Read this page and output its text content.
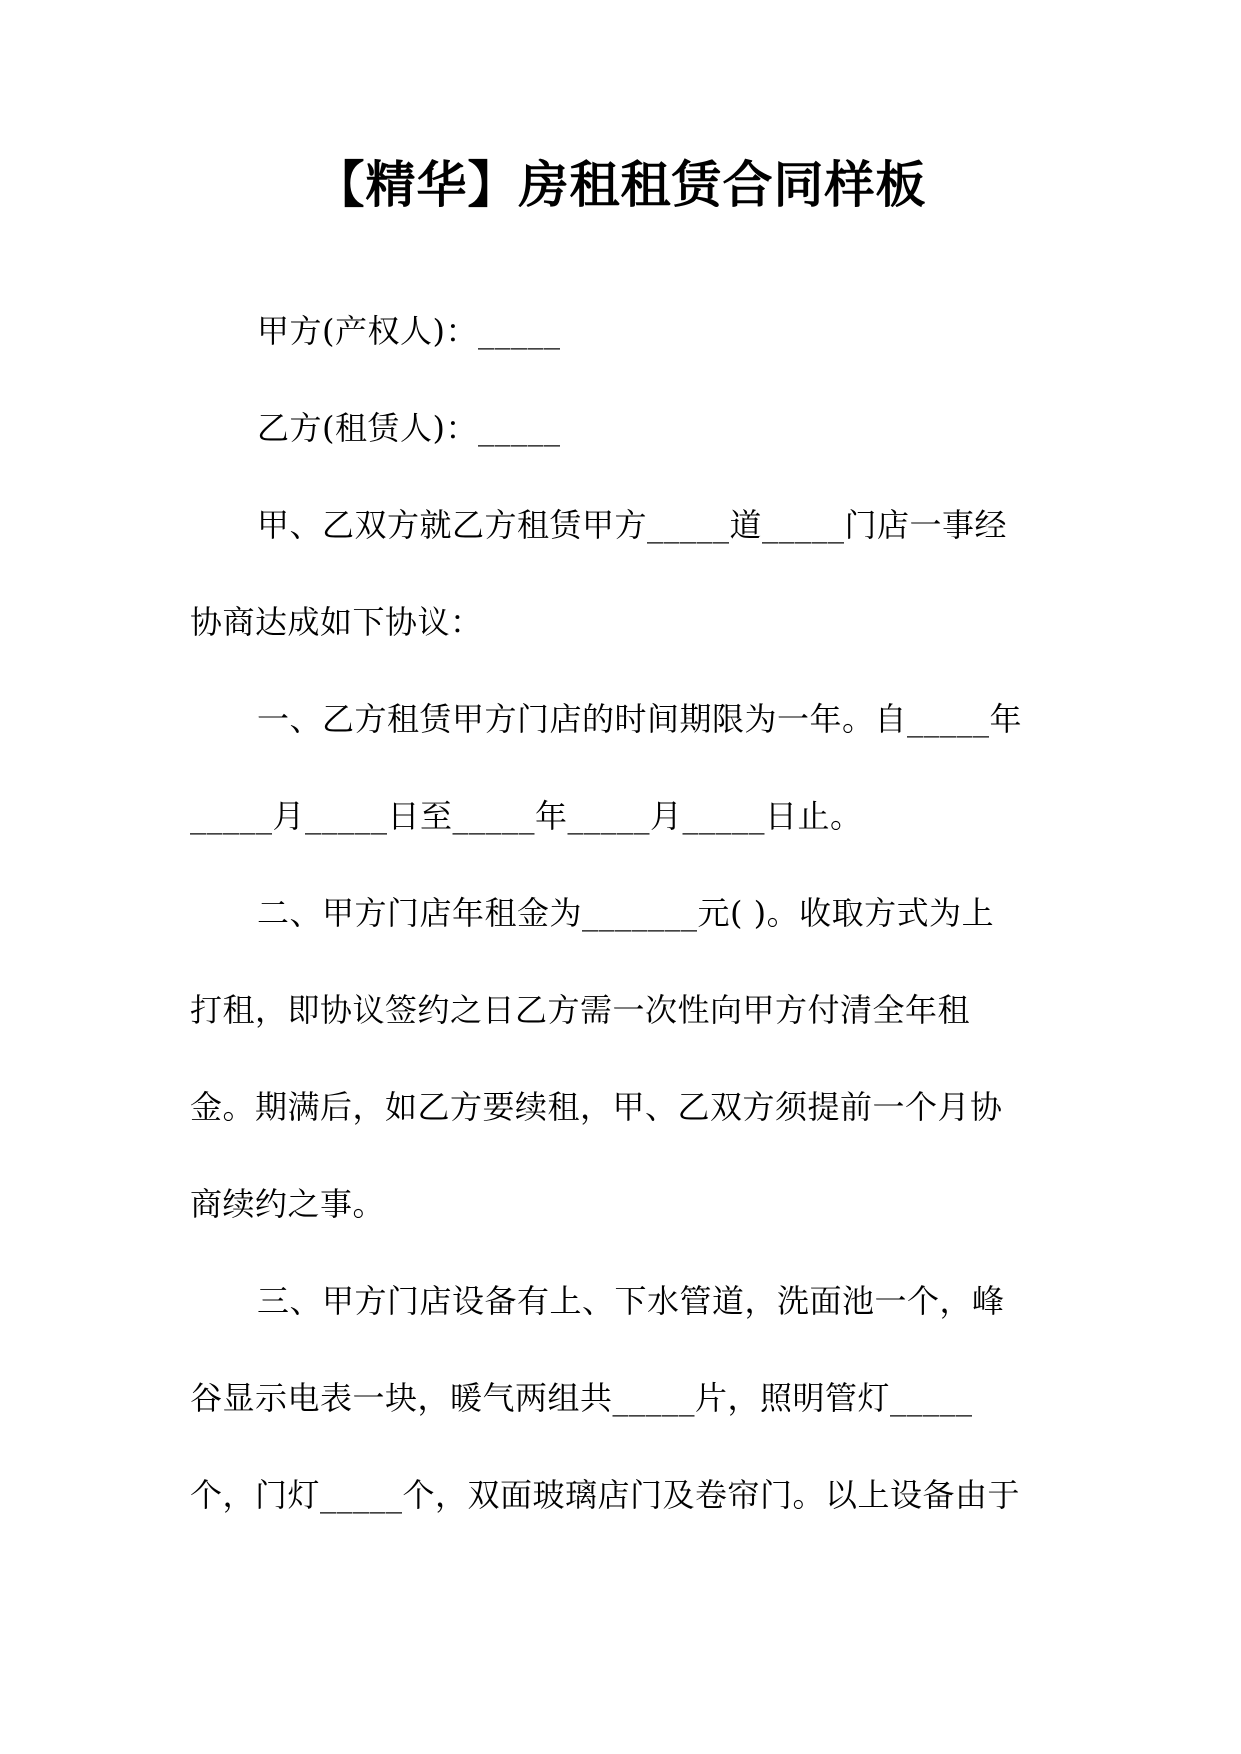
【精华】房租租赁合同样板
甲方(产权人)：_____
乙方(租赁人)：_____
甲、乙双方就乙方租赁甲方_____道_____门店一事经
协商达成如下协议：
一、乙方租赁甲方门店的时间期限为一年。自_____年
_____月_____日至_____年_____月_____日止。
二、甲方门店年租金为_______元( )。收取方式为上
打租，即协议签约之日乙方需一次性向甲方付清全年租
金。期满后，如乙方要续租，甲、乙双方须提前一个月协
商续约之事。
三、甲方门店设备有上、下水管道，洗面池一个，峰
谷显示电表一块，暖气两组共_____片，照明管灯_____
个，门灯_____个，双面玻璃店门及卷帘门。以上设备由于
